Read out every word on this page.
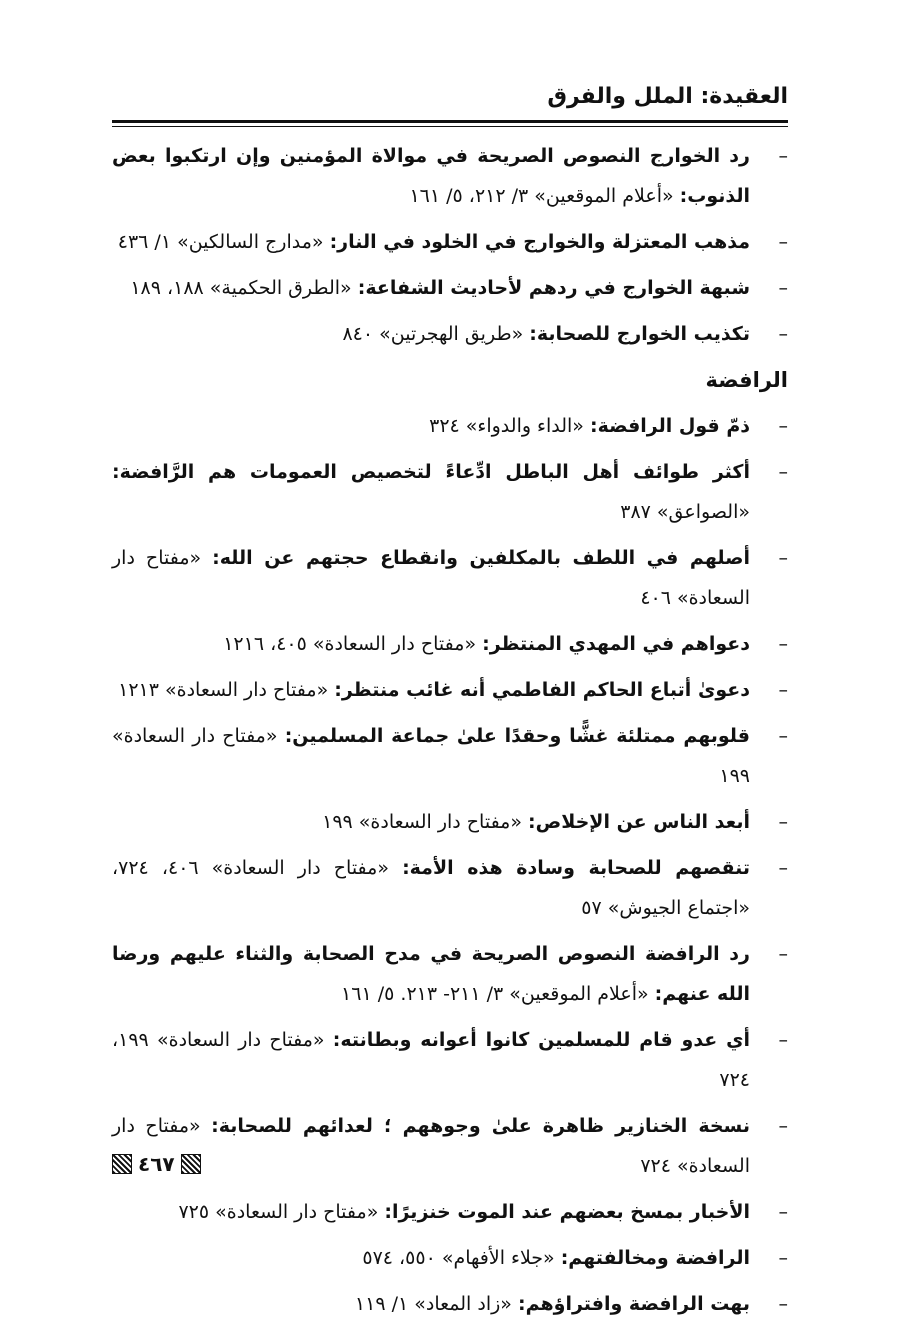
العقيدة: الملل والفرق
–
رد الخوارج النصوص الصريحة في موالاة المؤمنين وإن ارتكبوا بعض الذنوب: «أعلام الموقعين» ٣/ ٢١٢، ٥/ ١٦١
–
مذهب المعتزلة والخوارج في الخلود في النار: «مدارج السالكين» ١/ ٤٣٦
–
شبهة الخوارج في ردهم لأحاديث الشفاعة: «الطرق الحكمية» ١٨٨، ١٨٩
–
تكذيب الخوارج للصحابة: «طريق الهجرتين» ٨٤٠
الرافضة
–
ذمّ قول الرافضة: «الداء والدواء» ٣٢٤
–
أكثر طوائف أهل الباطل ادِّعاءً لتخصيص العمومات هم الرَّافضة: «الصواعق» ٣٨٧
–
أصلهم في اللطف بالمكلفين وانقطاع حجتهم عن الله: «مفتاح دار السعادة» ٤٠٦
–
دعواهم في المهدي المنتظر: «مفتاح دار السعادة» ٤٠٥، ١٢١٦
–
دعوىٰ أتباع الحاكم الفاطمي أنه غائب منتظر: «مفتاح دار السعادة» ١٢١٣
–
قلوبهم ممتلئة غشًّا وحقدًا علىٰ جماعة المسلمين: «مفتاح دار السعادة» ١٩٩
–
أبعد الناس عن الإخلاص: «مفتاح دار السعادة» ١٩٩
–
تنقصهم للصحابة وسادة هذه الأمة: «مفتاح دار السعادة» ٤٠٦، ٧٢٤، «اجتماع الجيوش» ٥٧
–
رد الرافضة النصوص الصريحة في مدح الصحابة والثناء عليهم ورضا الله عنهم: «أعلام الموقعين» ٣/ ٢١١- ٢١٣. ٥/ ١٦١
–
أي عدو قام للمسلمين كانوا أعوانه وبطانته: «مفتاح دار السعادة» ١٩٩، ٧٢٤
–
نسخة الخنازير ظاهرة علىٰ وجوههم ؛ لعدائهم للصحابة: «مفتاح دار السعادة» ٧٢٤
–
الأخبار بمسخ بعضهم عند الموت خنزيرًا: «مفتاح دار السعادة» ٧٢٥
–
الرافضة ومخالفتهم: «جلاء الأفهام» ٥٥٠، ٥٧٤
–
بهت الرافضة وافتراؤهم: «زاد المعاد» ١/ ١١٩
٤٦٧
